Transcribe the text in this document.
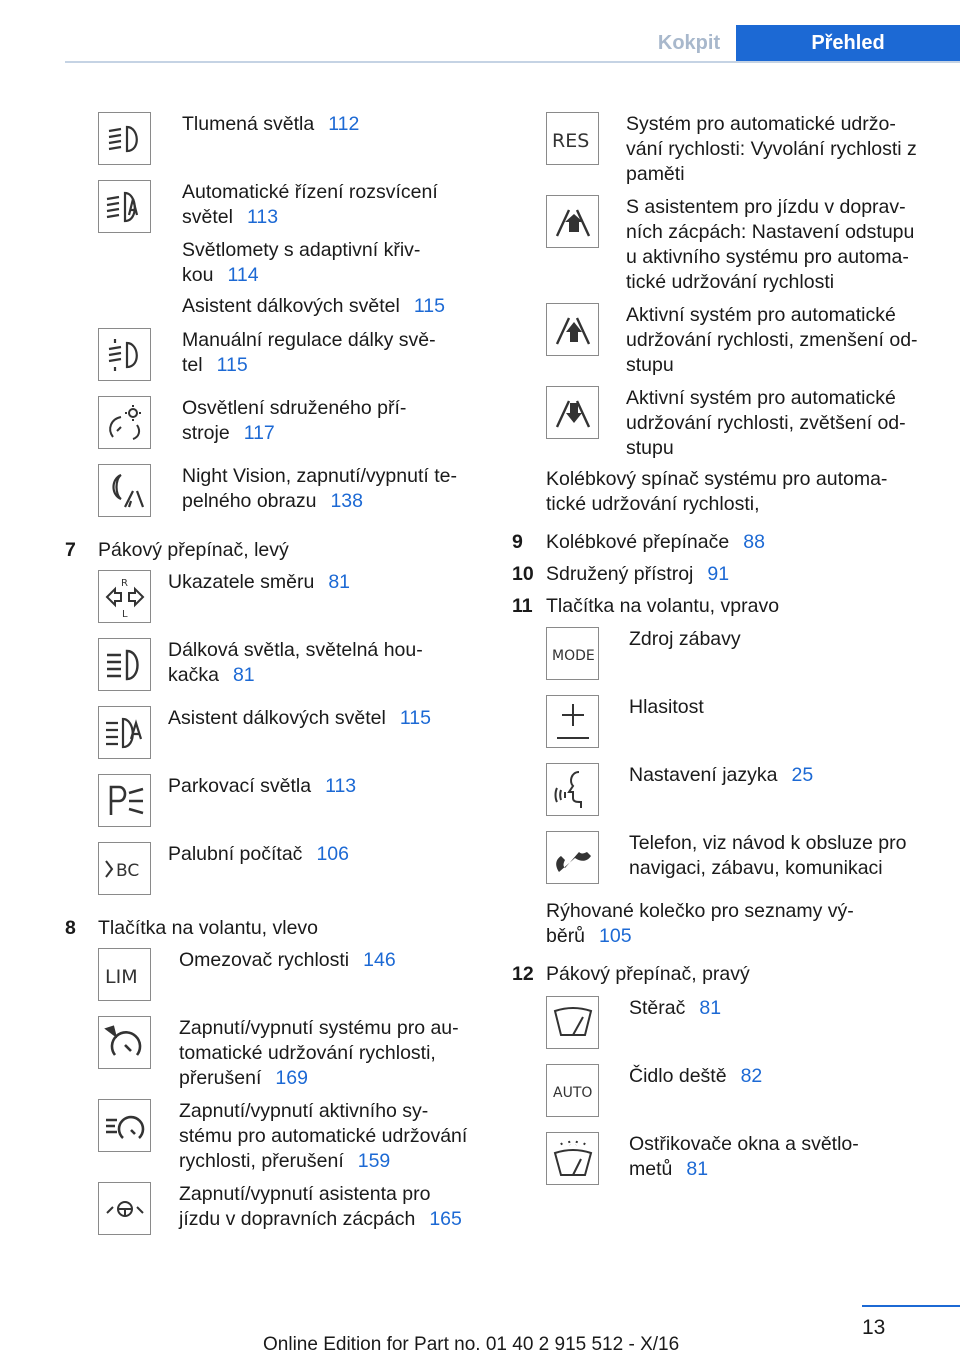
Kokpit	Přehled
Tlumená světla 112
Automatické řízení rozsvícení
světel 113
Světlomety s adaptivní křiv-
kou 114
Asistent dálkových světel 115
Manuální regulace dálky svě-
tel 115
Osvětlení sdruženého pří-
stroje 117
Night Vision, zapnutí/vypnutí te-
pelného obrazu 138
7 Pákový přepínač, levý
R
L
Ukazatele směru 81
Dálková světla, světelná hou-
kačka 81
Asistent dálkových světel 115
Parkovací světla 113
BC
Palubní počítač 106
8 Tlačítka na volantu, vlevo
LIM
Omezovač rychlosti 146
Zapnutí/vypnutí systému pro au-
tomatické udržování rychlosti,
přerušení 169
Zapnutí/vypnutí aktivního sy-
stému pro automatické udržování
rychlosti, přerušení 159
Zapnutí/vypnutí asistenta pro
jízdu v dopravních zácpách 165
RES
Systém pro automatické udržo-
vání rychlosti: Vyvolání rychlosti z
paměti
S asistentem pro jízdu v doprav-
ních zácpách: Nastavení odstupu
u aktivního systému pro automa-
tické udržování rychlosti
Aktivní systém pro automatické
udržování rychlosti, zmenšení od-
stupu
Aktivní systém pro automatické
udržování rychlosti, zvětšení od-
stupu
Kolébkový spínač systému pro automa-
tické udržování rychlosti,
9 Kolébkové přepínače 88
10 Sdružený přístroj 91
11 Tlačítka na volantu, vpravo
MODE
Zdroj zábavy
Hlasitost
Nastavení jazyka 25
Telefon, viz návod k obsluze pro
navigaci, zábavu, komunikaci
Rýhované kolečko pro seznamy vý-
běrů 105
12 Pákový přepínač, pravý
Stěrač 81
AUTO
Čidlo deště 82
Ostřikovače okna a světlo-
metů 81
13
Online Edition for Part no. 01 40 2 915 512 - X/16
